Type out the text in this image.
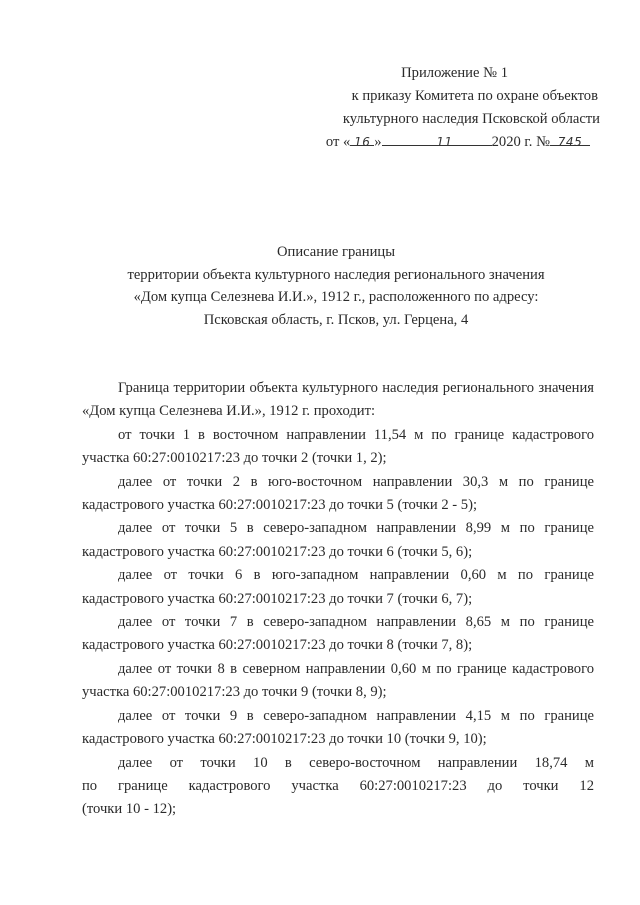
Приложение № 1
к приказу Комитета по охране объектов
культурного наследия Псковской области
от « 16 »	11	2020 г. № 745
Описание границы
территории объекта культурного наследия регионального значения
«Дом купца Селезнева И.И.», 1912 г., расположенного по адресу:
Псковская область, г. Псков, ул. Герцена, 4

Граница территории объекта культурного наследия регионального значения «Дом купца Селезнева И.И.», 1912 г. проходит:

от точки 1 в восточном направлении 11,54 м по границе кадастрового участка 60:27:0010217:23 до точки 2 (точки 1, 2);

далее от точки 2 в юго-восточном направлении 30,3 м по границе кадастрового участка 60:27:0010217:23 до точки 5 (точки 2 - 5);

далее от точки 5 в северо-западном направлении 8,99 м по границе кадастрового участка 60:27:0010217:23 до точки 6 (точки 5, 6);

далее от точки 6 в юго-западном направлении 0,60 м по границе кадастрового участка 60:27:0010217:23 до точки 7 (точки 6, 7);

далее от точки 7 в северо-западном направлении 8,65 м по границе кадастрового участка 60:27:0010217:23 до точки 8 (точки 7, 8);

далее от точки 8 в северном направлении 0,60 м по границе кадастрового участка 60:27:0010217:23 до точки 9 (точки 8, 9);

далее от точки 9 в северо-западном направлении 4,15 м по границе кадастрового участка 60:27:0010217:23 до точки 10 (точки 9, 10);

далее от точки 10 в северо-восточном направлении 18,74 м
по границе кадастрового участка 60:27:0010217:23 до точки 12
(точки 10 - 12);
